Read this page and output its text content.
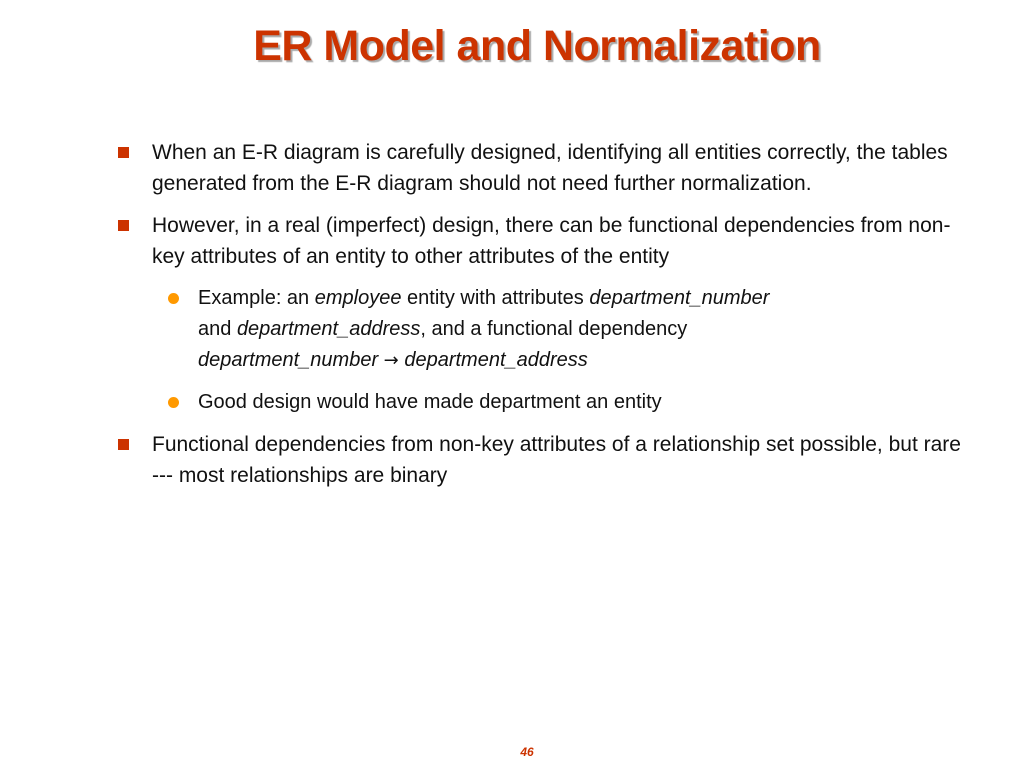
ER Model and Normalization
When an E-R diagram is carefully designed, identifying all entities correctly, the tables generated from the E-R diagram should not need further normalization.
However, in a real (imperfect) design, there can be functional dependencies from non-key attributes of an entity to other attributes of the entity
Example: an employee entity with attributes department_number
and department_address, and a functional dependency
department_number → department_address
Good design would have made department an entity
Functional dependencies from non-key attributes of a relationship set possible, but rare --- most relationships are binary
46
